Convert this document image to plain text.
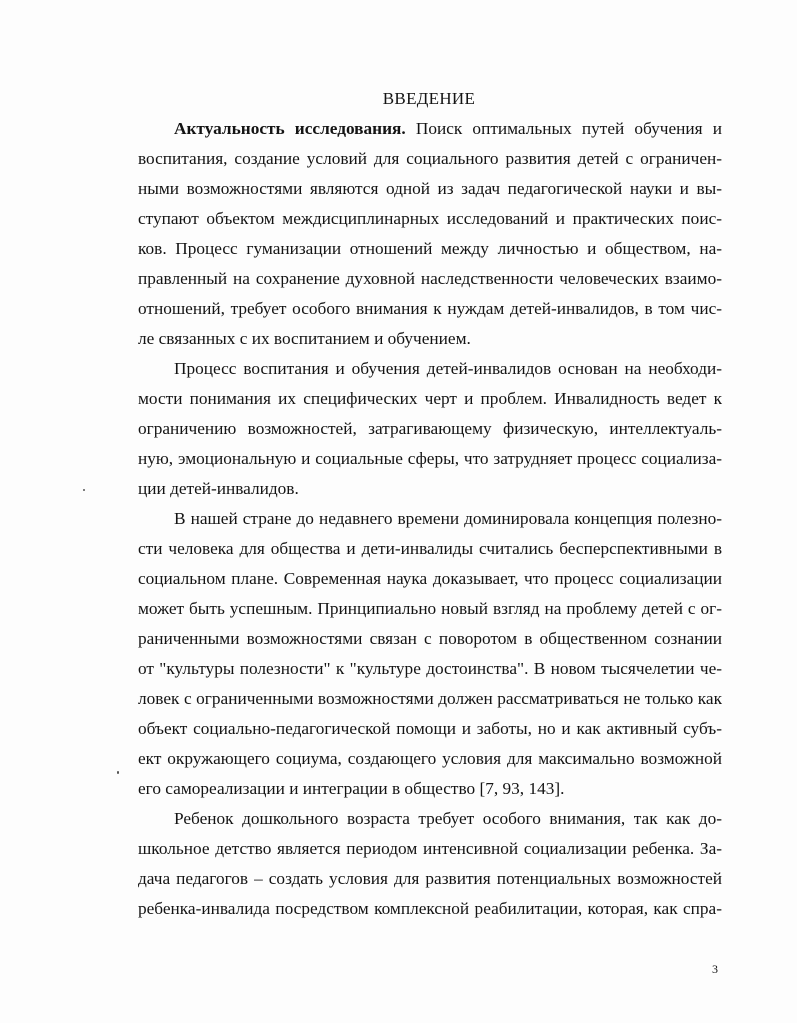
ВВЕДЕНИЕ
Актуальность исследования. Поиск оптимальных путей обучения и
воспитания, создание условий для социального развития детей с ограничен-
ными возможностями являются одной из задач педагогической науки и вы-
ступают объектом междисциплинарных исследований и практических поис-
ков. Процесс гуманизации отношений между личностью и обществом, на-
правленный на сохранение духовной наследственности человеческих взаимо-
отношений, требует особого внимания к нуждам детей-инвалидов, в том чис-
ле связанных с их воспитанием и обучением.
Процесс воспитания и обучения детей-инвалидов основан на необходи-
мости понимания их специфических черт и проблем. Инвалидность ведет к
ограничению возможностей, затрагивающему физическую, интеллектуаль-
ную, эмоциональную и социальные сферы, что затрудняет процесс социализа-
ции детей-инвалидов.
В нашей стране до недавнего времени доминировала концепция полезно-
сти человека для общества и дети-инвалиды считались бесперспективными в
социальном плане. Современная наука доказывает, что процесс социализации
может быть успешным. Принципиально новый взгляд на проблему детей с ог-
раниченными возможностями связан с поворотом в общественном сознании
от "культуры полезности" к "культуре достоинства". В новом тысячелетии че-
ловек с ограниченными возможностями должен рассматриваться не только как
объект социально-педагогической помощи и заботы, но и как активный субъ-
ект окружающего социума, создающего условия для максимально возможной
его самореализации и интеграции в общество [7, 93, 143].
Ребенок дошкольного возраста требует особого внимания, так как до-
школьное детство является периодом интенсивной социализации ребенка. За-
дача педагогов – создать условия для развития потенциальных возможностей
ребенка-инвалида посредством комплексной реабилитации, которая, как спра-
3
